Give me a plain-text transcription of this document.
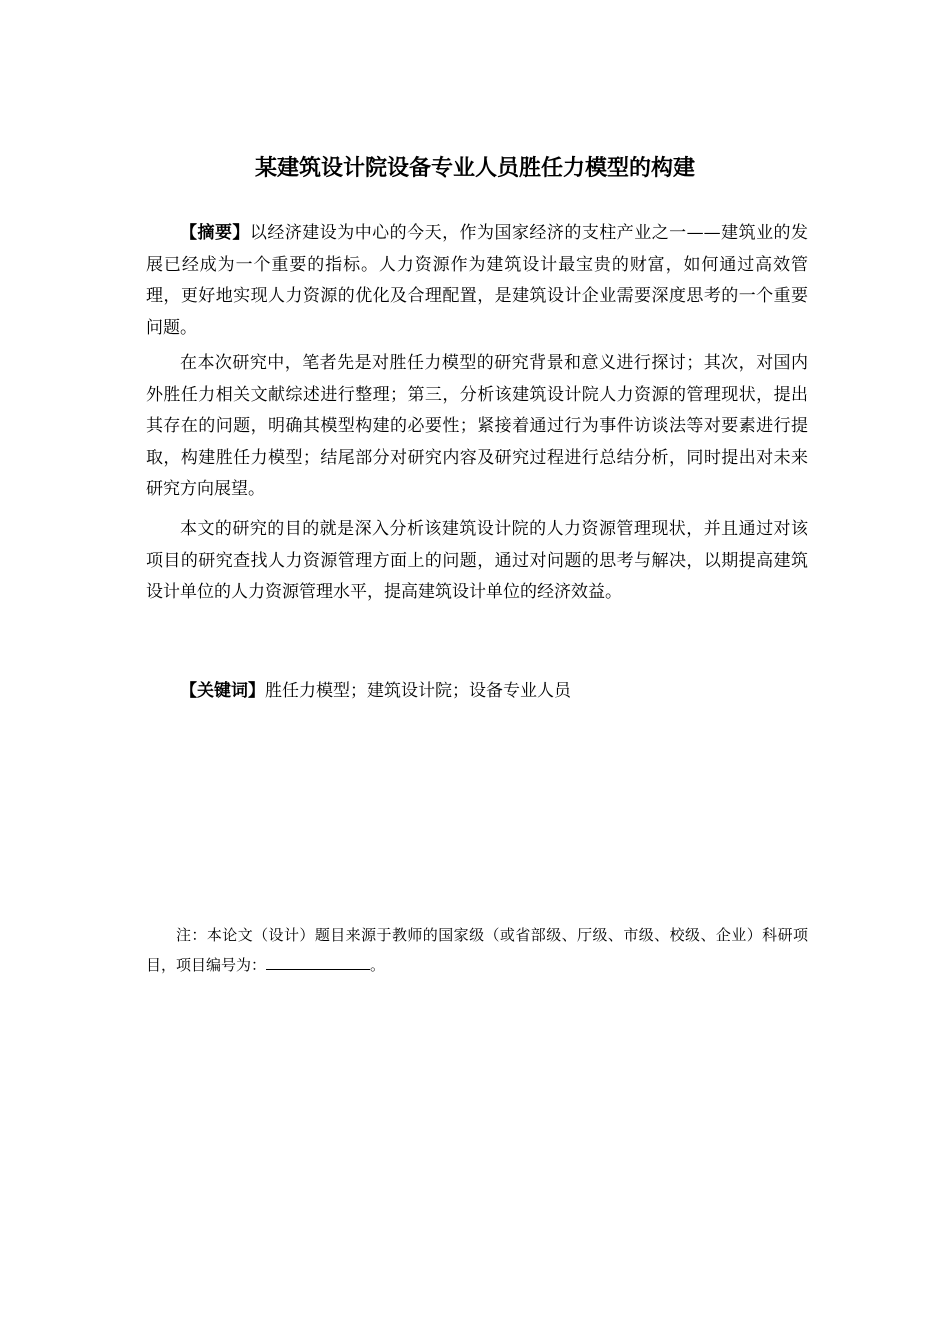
某建筑设计院设备专业人员胜任力模型的构建

【摘要】以经济建设为中心的今天，作为国家经济的支柱产业之一——建筑业的发展已经成为一个重要的指标。人力资源作为建筑设计最宝贵的财富，如何通过高效管理，更好地实现人力资源的优化及合理配置，是建筑设计企业需要深度思考的一个重要问题。

在本次研究中，笔者先是对胜任力模型的研究背景和意义进行探讨；其次，对国内外胜任力相关文献综述进行整理；第三，分析该建筑设计院人力资源的管理现状，提出其存在的问题，明确其模型构建的必要性；紧接着通过行为事件访谈法等对要素进行提取，构建胜任力模型；结尾部分对研究内容及研究过程进行总结分析，同时提出对未来研究方向展望。

本文的研究的目的就是深入分析该建筑设计院的人力资源管理现状，并且通过对该项目的研究查找人力资源管理方面上的问题，通过对问题的思考与解决，以期提高建筑设计单位的人力资源管理水平，提高建筑设计单位的经济效益。

【关键词】胜任力模型；建筑设计院；设备专业人员

注：本论文（设计）题目来源于教师的国家级（或省部级、厅级、市级、校级、企业）科研项目，项目编号为：	。
